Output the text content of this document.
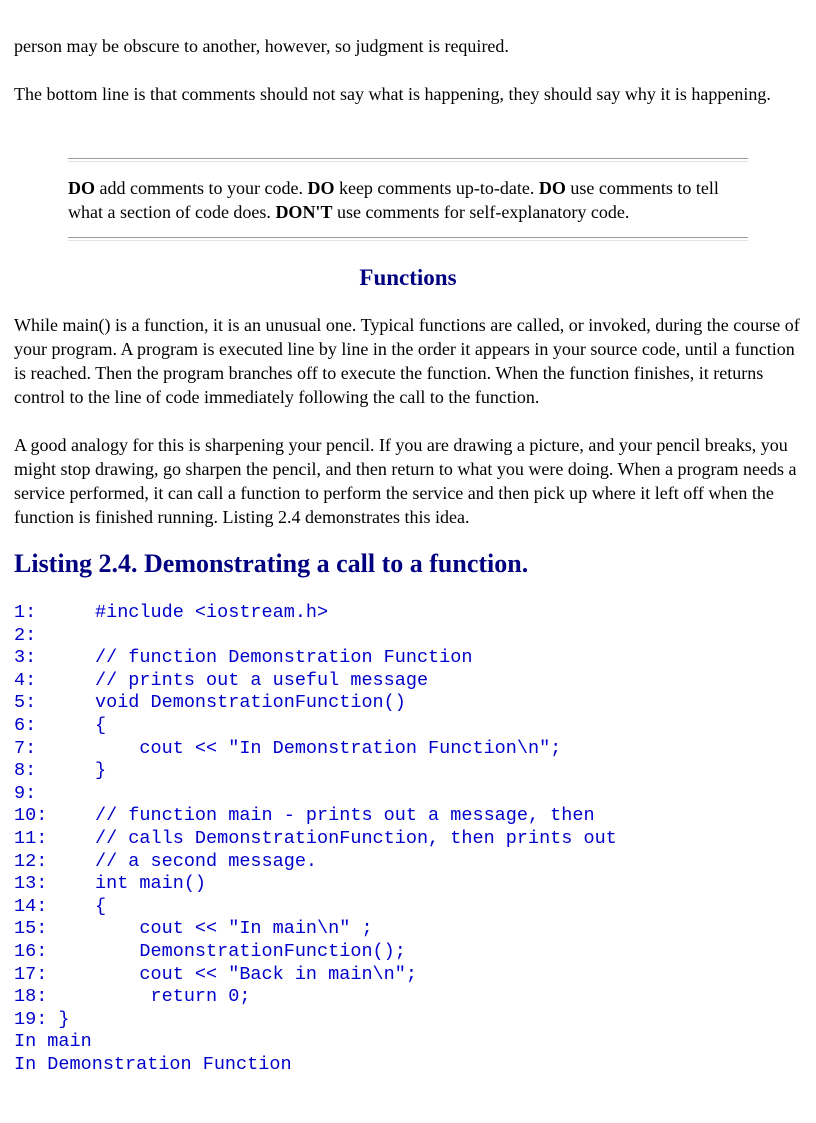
person may be obscure to another, however, so judgment is required.

The bottom line is that comments should not say what is happening, they should say why it is happening.

DO add comments to your code. DO keep comments up-to-date. DO use comments to tell what a section of code does. DON'T use comments for self-explanatory code.

Functions

While main() is a function, it is an unusual one. Typical functions are called, or invoked, during the course of your program. A program is executed line by line in the order it appears in your source code, until a function is reached. Then the program branches off to execute the function. When the function finishes, it returns control to the line of code immediately following the call to the function.

A good analogy for this is sharpening your pencil. If you are drawing a picture, and your pencil breaks, you might stop drawing, go sharpen the pencil, and then return to what you were doing. When a program needs a service performed, it can call a function to perform the service and then pick up where it left off when the function is finished running. Listing 2.4 demonstrates this idea.

Listing 2.4. Demonstrating a call to a function.
1:	#include <iostream.h>
2:
3:	// function Demonstration Function
4:	// prints out a useful message
5:	void DemonstrationFunction()
6:	{
7:	cout << "In Demonstration Function\n";
8:	}
9:
10:	// function main - prints out a message, then
11:	// calls DemonstrationFunction, then prints out
12:	// a second message.
13:	int main()
14:	{
15:	cout << "In main\n" ;
16:	DemonstrationFunction();
17:	cout << "Back in main\n";
18:	return 0;
19: }
In main
In Demonstration Function
